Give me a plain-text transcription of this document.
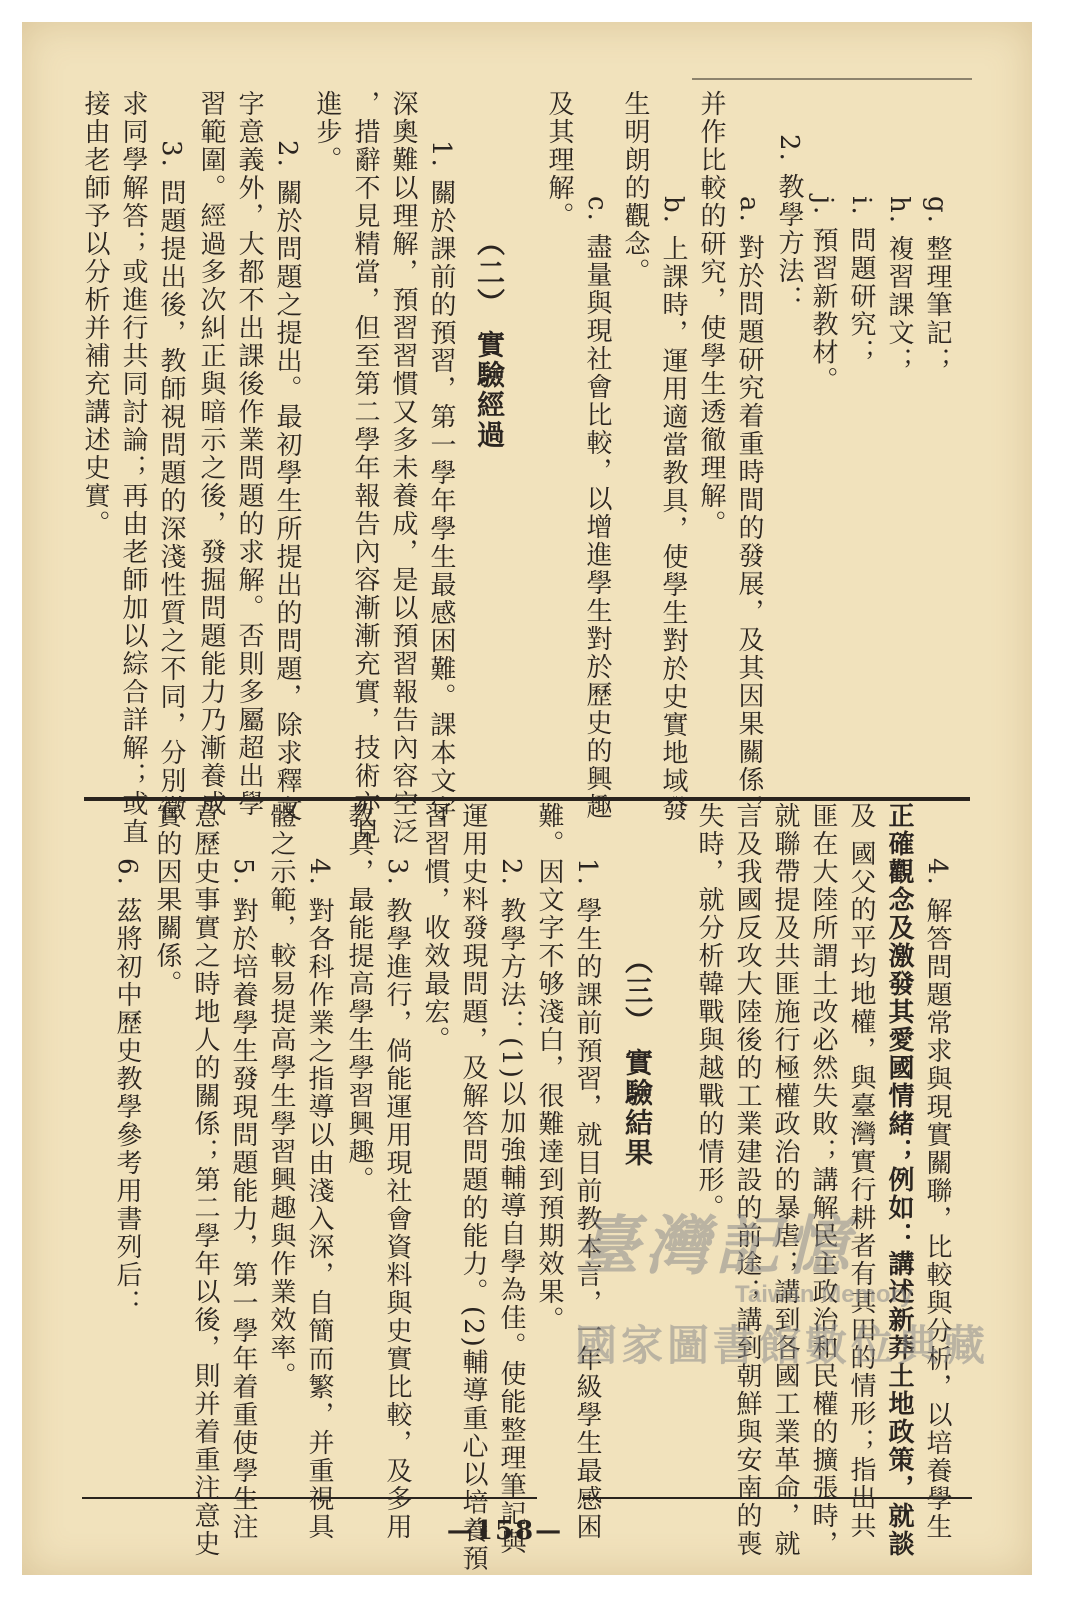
g. 整理筆記；
h. 複習課文；
i. 問題研究；
j. 預習新教材。
2. 教學方法：
a. 對於問題研究着重時間的發展，及其因果關係，
并作比較的研究，使學生透徹理解。
b. 上課時，運用適當教具，使學生對於史實地域發
生明朗的觀念。
c. 盡量與現社會比較，以增進學生對於歷史的興趣
及其理解。
（二） 實驗經過
1. 關於課前的預習，第一學年學生最感困難。課本文字
深奧難以理解，預習習慣又多未養成，是以預習報告內容空泛
，措辭不見精當，但至第二學年報告內容漸漸充實，技術亦見
進步。
2. 關於問題之提出。最初學生所提出的問題，除求釋文
字意義外，大都不出課後作業問題的求解。否則多屬超出學
習範圍。經過多次糾正與暗示之後，發掘問題能力乃漸養成
3. 問題提出後，教師視問題的深淺性質之不同，分別徵
求同學解答；或進行共同討論；再由老師加以綜合詳解；或直
接由老師予以分析并補充講述史實。
4. 解答問題常求與現實關聯，比較與分析，以培養學生
正確觀念及激發其愛國情緒；例如：講述新莽土地政策，就談
及 國父的平均地權，與臺灣實行耕者有其田的情形；指出共
匪在大陸所謂土改必然失敗；講解民主政治和民權的擴張時，
就聯帶提及共匪施行極權政治的暴虐；講到各國工業革命，就
言及我國反攻大陸後的工業建設的前途；講到朝鮮與安南的喪
失時，就分析韓戰與越戰的情形。
（三） 實驗結果
1. 學生的課前預習，就目前教本言，一年級學生最感困
難。因文字不够淺白，很難達到預期效果。
2. 教學方法：(1)以加強輔導自學為佳。使能整理筆記與
運用史料發現問題，及解答問題的能力。(2)輔導重心以培養預
習習慣，收效最宏。
3. 教學進行，倘能運用現社會資料與史實比較，及多用
教具，最能提高學生學習興趣。
4. 對各科作業之指導以由淺入深，自簡而繁，并重視具
體之示範，較易提高學生學習興趣與作業效率。
5. 對於培養學生發現問題能力，第一學年着重使學生注
意歷史事實之時地人的關係；第二學年以後，則并着重注意史
實的因果關係。
6. 茲將初中歷史教學參考用書列后：	臺灣記憶
Taiwan Memory
國家圖書館數位典藏
—158—
